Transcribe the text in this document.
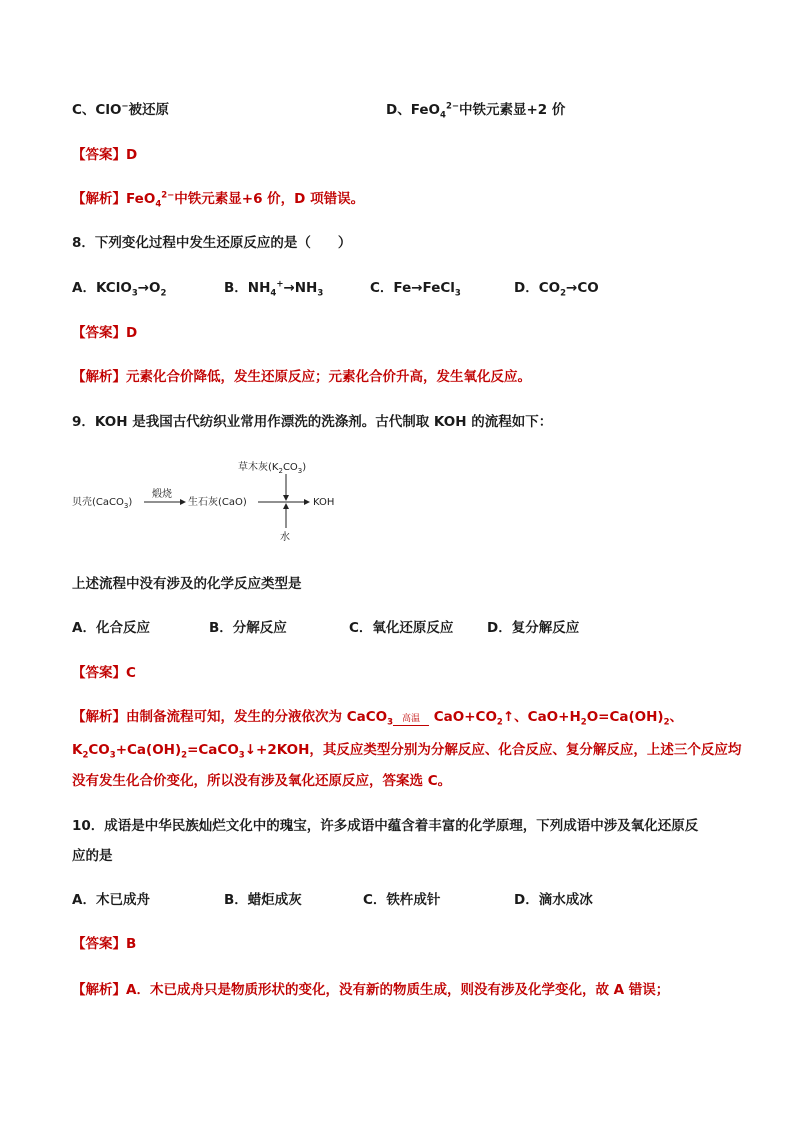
C、ClO−被还原	D、FeO$_4^{2-}$中铁元素显+2 价
【答案】D
【解析】FeO$_4^{2-}$中铁元素显+6 价，D 项错误。
8．下列变化过程中发生还原反应的是（　　）
A．$KClO_3\to O_2$	B．$NH_4^+\to NH_3$	C．Fe→FeCl$_3$	D．$CO_2\to CO$
【答案】D
【解析】元素化合价降低，发生还原反应；元素化合价升高，发生氧化反应。
9．KOH 是我国古代纺织业常用作漂洗的洗涤剂。古代制取 KOH 的流程如下：
贝壳(CaCO$_3$)
煅烧
生石灰(CaO)
草木灰$(K_2CO_3)$
水
KOH
上述流程中没有涉及的化学反应类型是
A．化合反应	B．分解反应	C．氧化还原反应 D．复分解反应
【答案】C
【解析】由制备流程可知，发生的分液依次为 CaCO$_3$ 高温 $CaO+CO_2↑$、$CaO+H_2O=Ca(OH)_2$、
$K_2CO_3+Ca(OH)_2=CaCO_3↓+2KOH$，其反应类型分别为分解反应、化合反应、复分解反应，上述三个反应均
没有发生化合价变化，所以没有涉及氧化还原反应，答案选 C。
10．成语是中华民族灿烂文化中的瑰宝，许多成语中蕴含着丰富的化学原理，下列成语中涉及氧化还原反
应的是
A．木已成舟	B．蜡炬成灰	C．铁杵成针	D．滴水成冰
【答案】B
【解析】A．木已成舟只是物质形状的变化，没有新的物质生成，则没有涉及化学变化，故 A 错误；
